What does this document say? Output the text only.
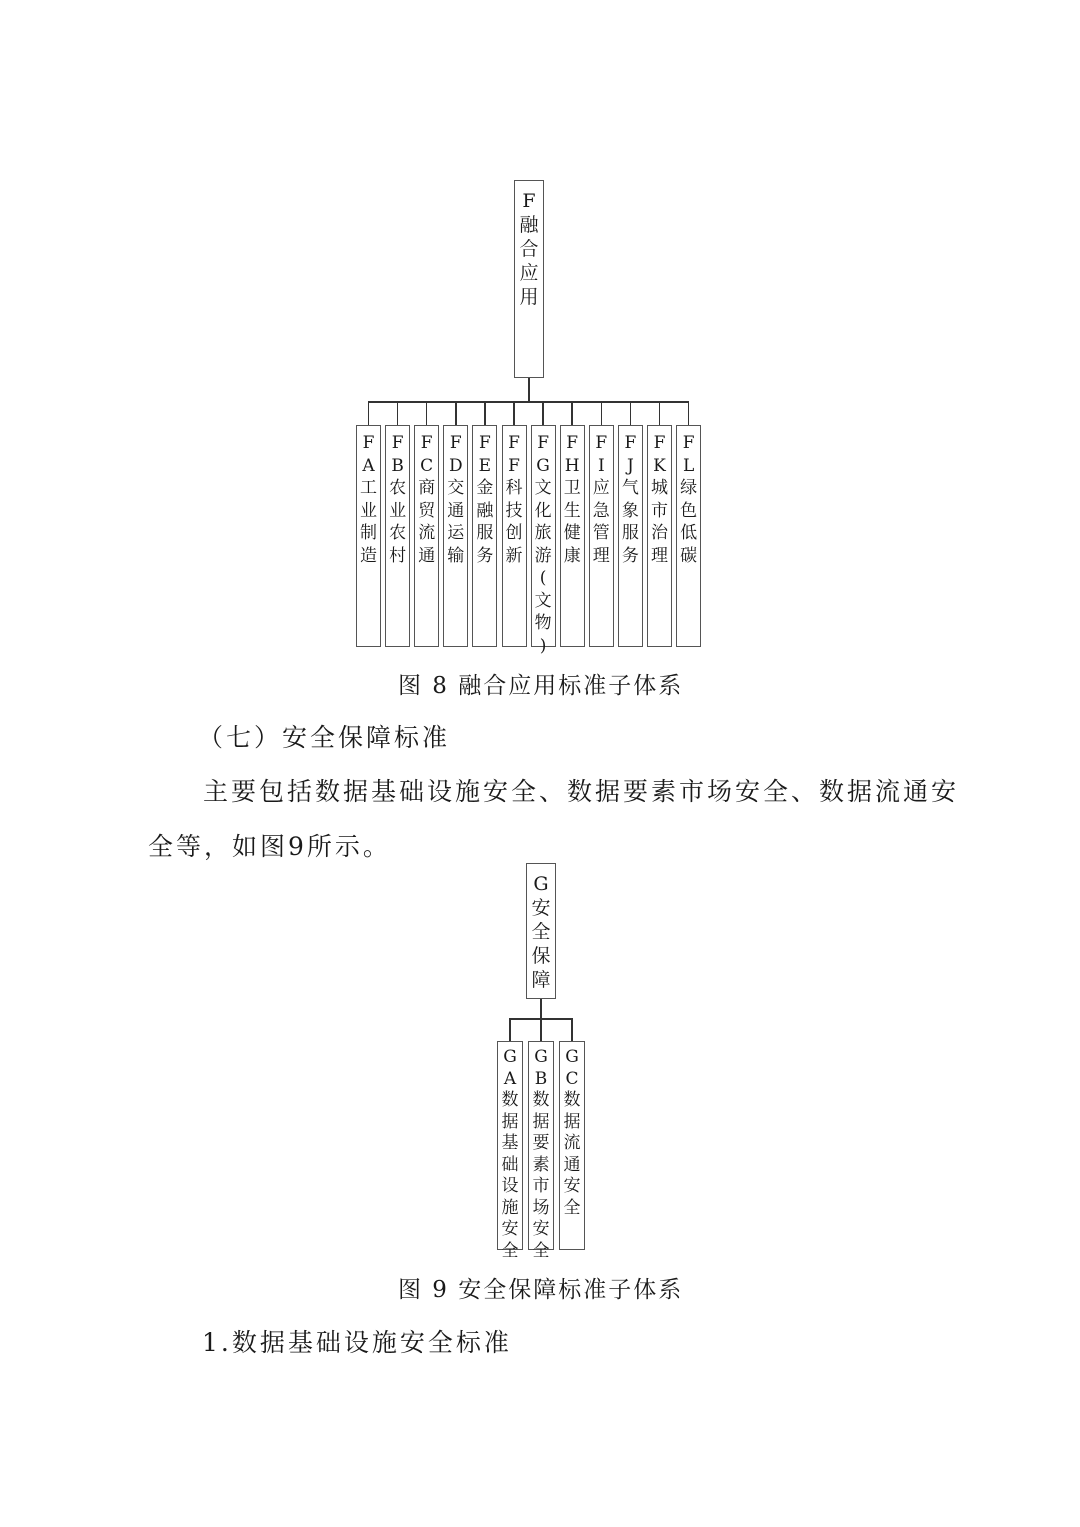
F
融
合
应
用
F
A
工
业
制
造
F
B
农
业
农
村
F
C
商
贸
流
通
F
D
交
通
运
输
F
E
金
融
服
务
F
F
科
技
创
新
F
G
文
化
旅
游
(
文
物
)
F
H
卫
生
健
康
F
I
应
急
管
理
F
J
气
象
服
务
F
K
城
市
治
理
F
L
绿
色
低
碳

图 8 融合应用标准子体系

（七）安全保障标准

主要包括数据基础设施安全、数据要素市场安全、数据流通安

全等，如图9所示。

G
安
全
保
障
G
A
数
据
基
础
设
施
安
全
G
B
数
据
要
素
市
场
安
全
G
C
数
据
流
通
安
全

图 9 安全保障标准子体系

1.数据基础设施安全标准
